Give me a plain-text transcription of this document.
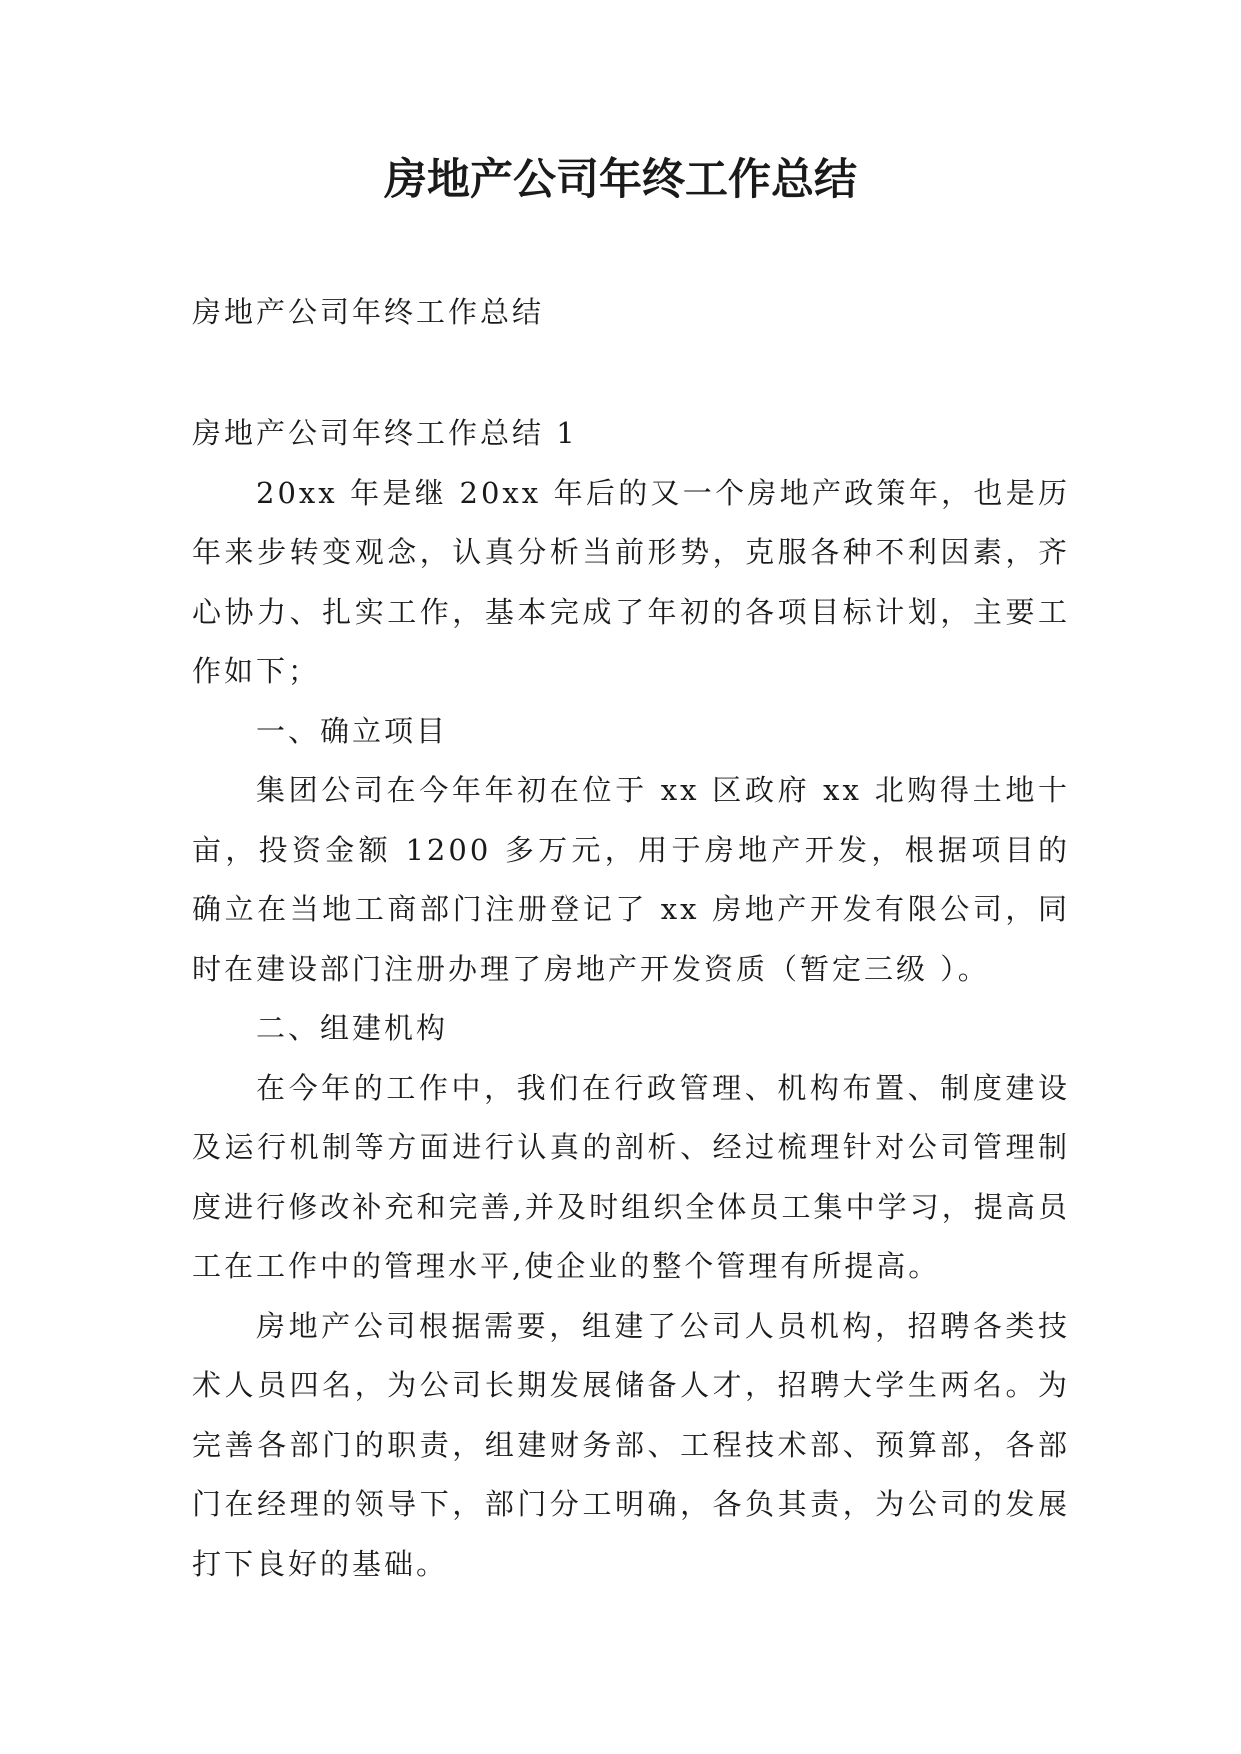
房地产公司年终工作总结

房地产公司年终工作总结

房地产公司年终工作总结 1

20xx 年是继 20xx 年后的又一个房地产政策年，也是历年来步转变观念，认真分析当前形势，克服各种不利因素，齐心协力、扎实工作，基本完成了年初的各项目标计划，主要工作如下；

一、确立项目

集团公司在今年年初在位于 xx 区政府 xx 北购得土地十亩，投资金额 1200 多万元，用于房地产开发，根据项目的确立在当地工商部门注册登记了 xx 房地产开发有限公司，同时在建设部门注册办理了房地产开发资质（暂定三级 ）。

二、组建机构

在今年的工作中，我们在行政管理、机构布置、制度建设及运行机制等方面进行认真的剖析、经过梳理针对公司管理制度进行修改补充和完善,并及时组织全体员工集中学习，提高员工在工作中的管理水平,使企业的整个管理有所提高。

房地产公司根据需要，组建了公司人员机构，招聘各类技术人员四名，为公司长期发展储备人才，招聘大学生两名。为完善各部门的职责，组建财务部、工程技术部、预算部，各部门在经理的领导下，部门分工明确，各负其责，为公司的发展打下良好的基础。
